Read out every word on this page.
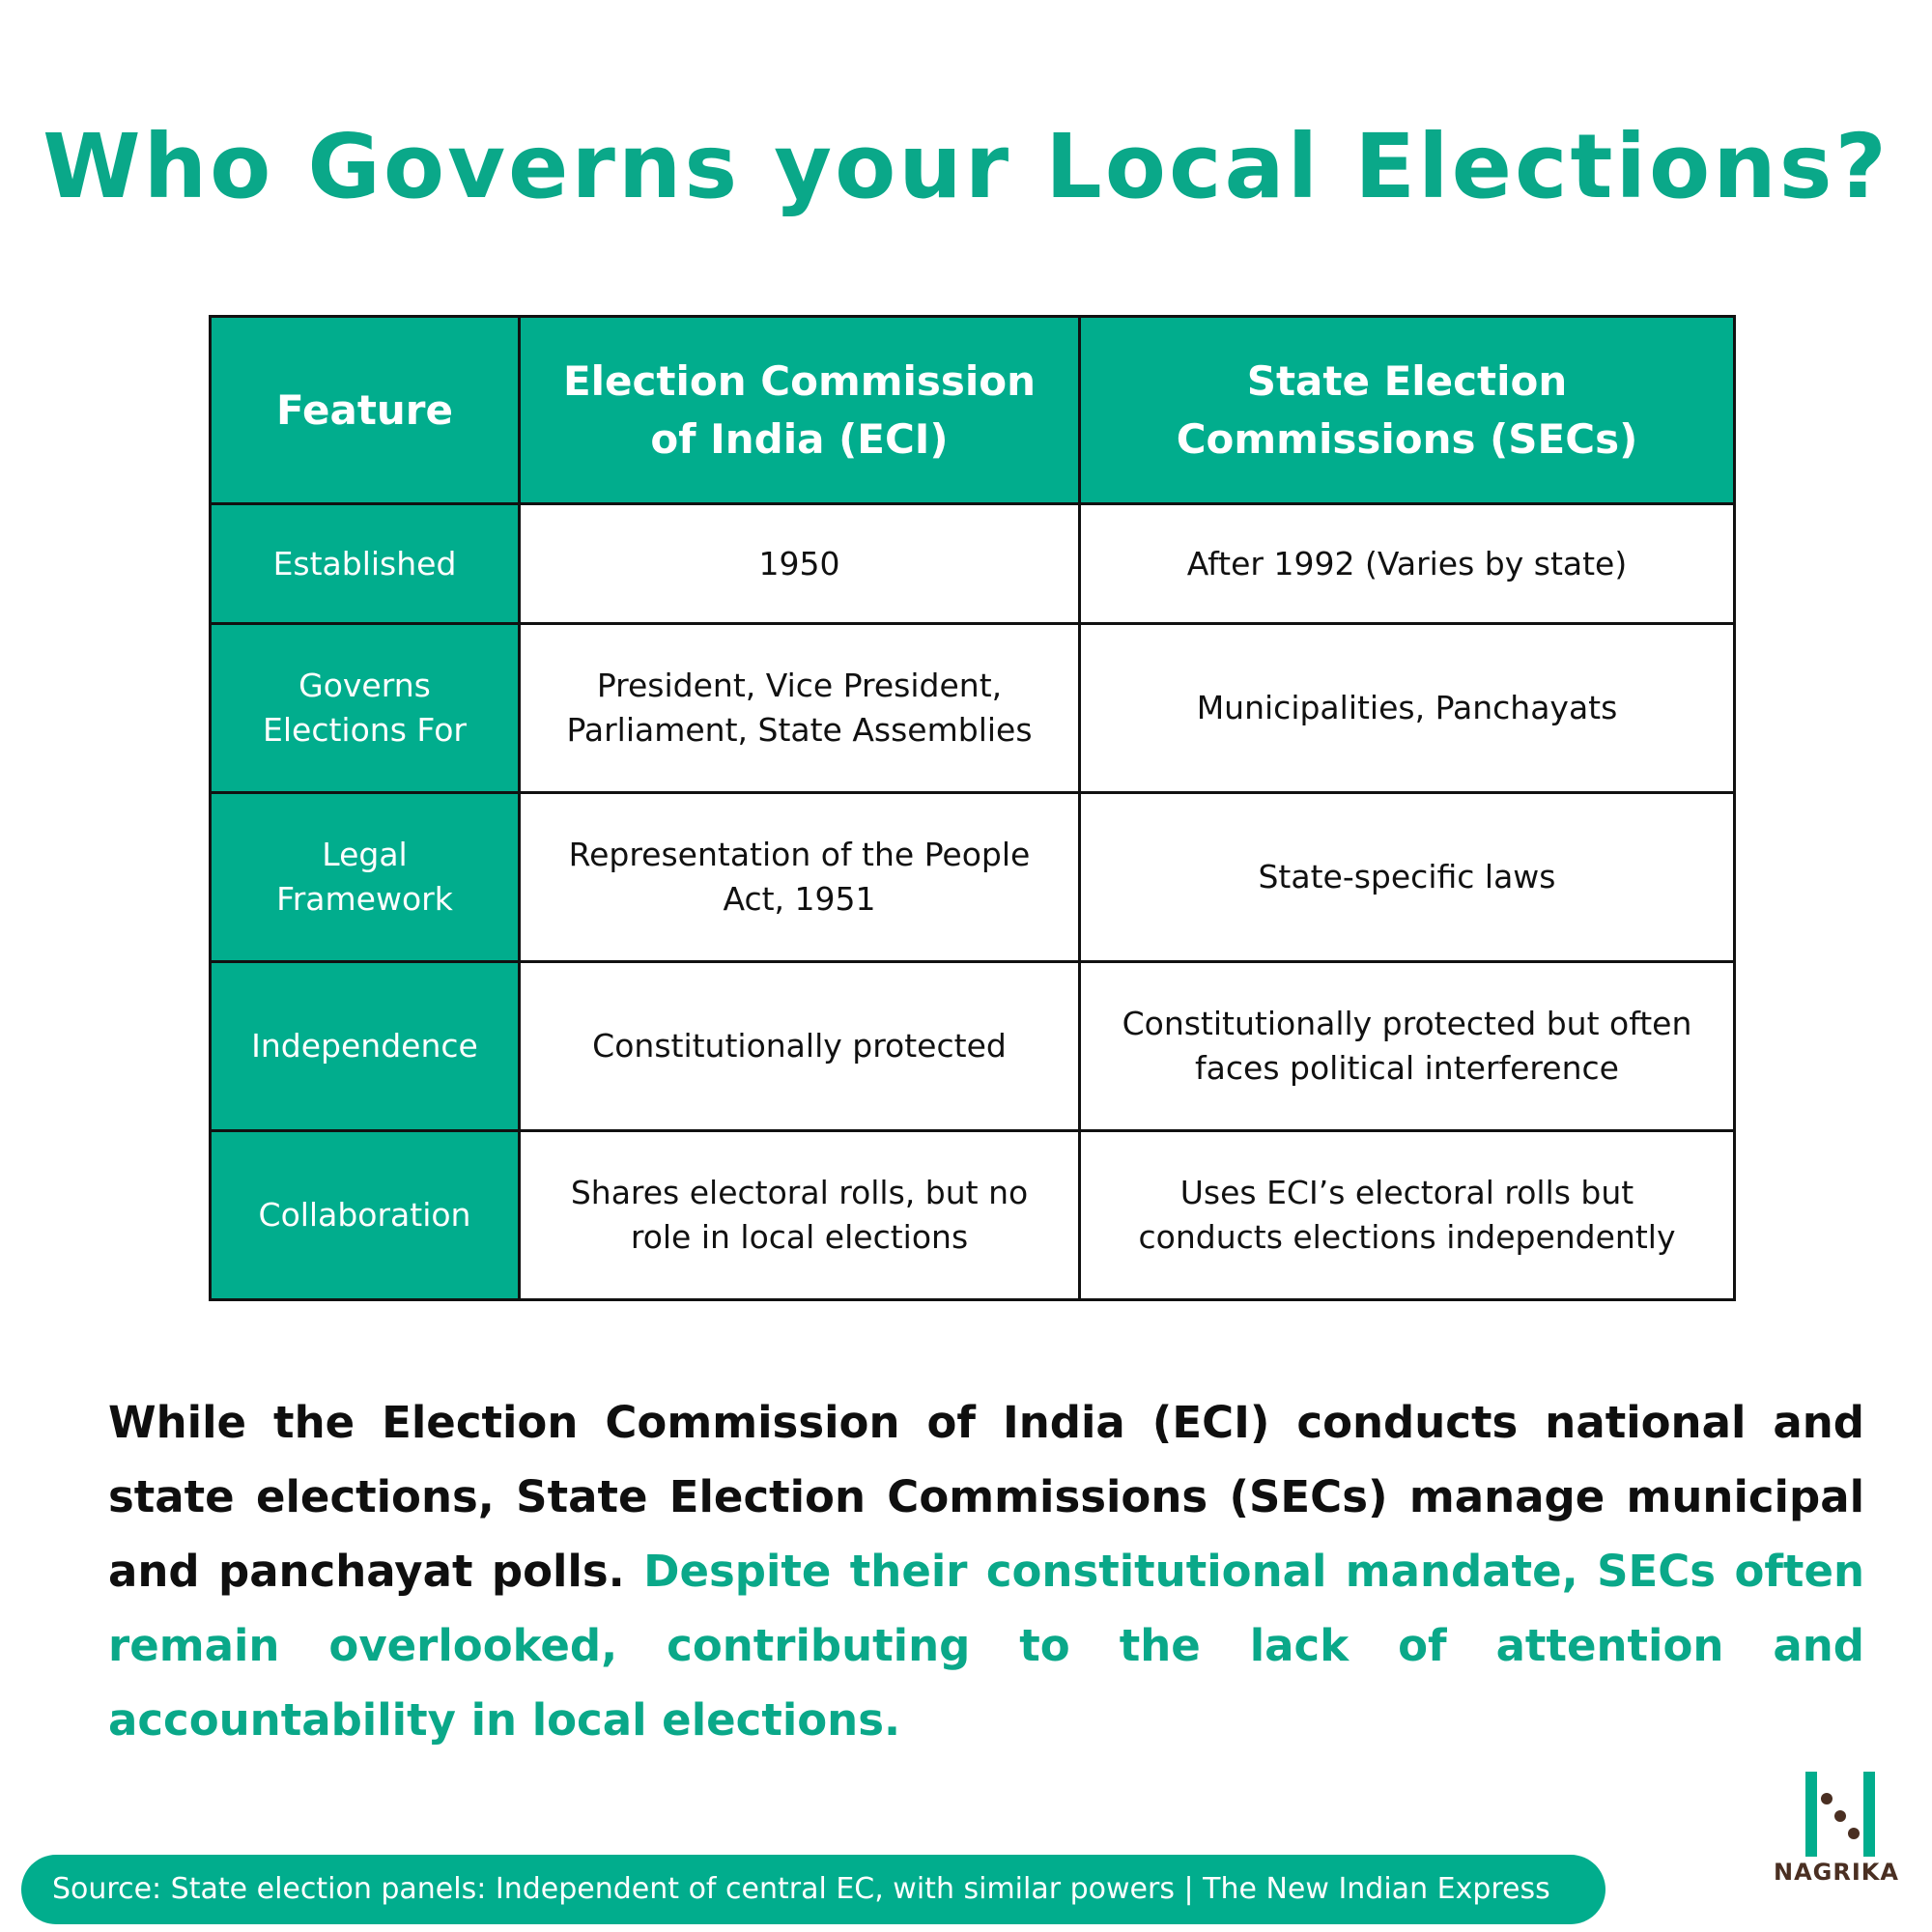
Who Governs your Local Elections?
Feature	Election Commission of India (ECI)	State Election Commissions (SECs)
Established	1950	After 1992 (Varies by state)
Governs Elections For	President, Vice President, Parliament, State Assemblies	Municipalities, Panchayats
Legal Framework	Representation of the People Act, 1951	State-specific laws
Independence	Constitutionally protected	Constitutionally protected but often faces political interference
Collaboration	Shares electoral rolls, but no role in local elections	Uses ECI’s electoral rolls but conducts elections independently
While the Election Commission of India (ECI) conducts national and state elections, State Election Commissions (SECs) manage municipal and panchayat polls. Despite their constitutional mandate, SECs often remain overlooked, contributing to the lack of attention and accountability in local elections.
Source: State election panels: Independent of central EC, with similar powers | The New Indian Express	NAGRIKA
